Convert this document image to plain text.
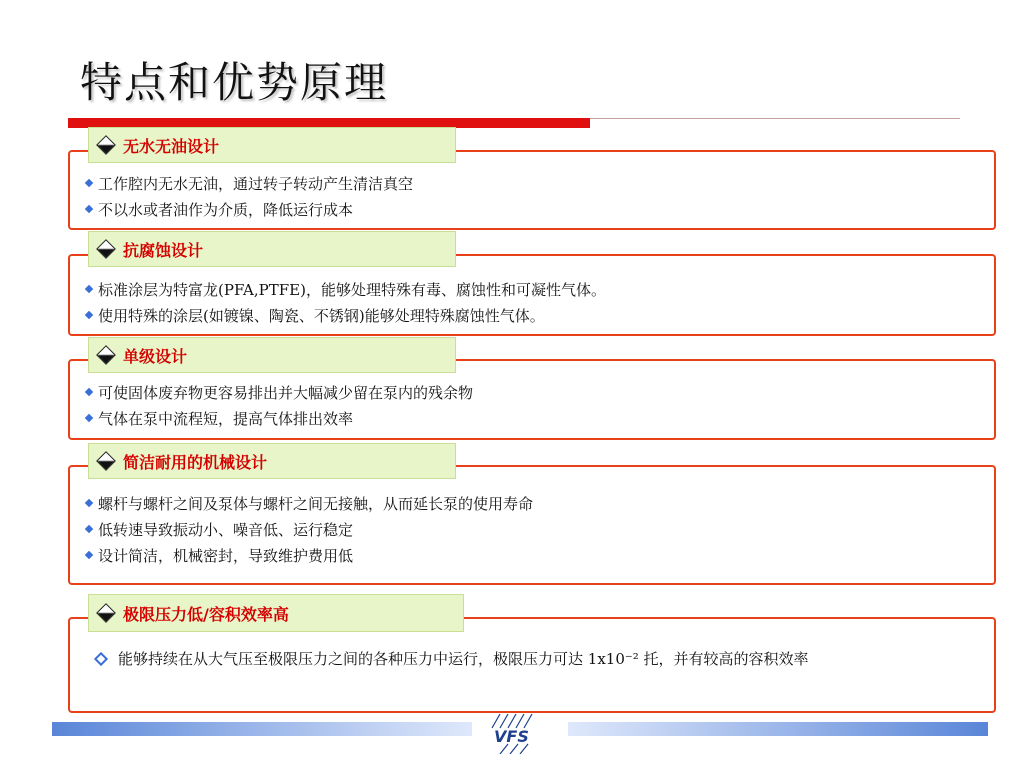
特点和优势原理
无水无油设计
工作腔内无水无油，通过转子转动产生清洁真空
不以水或者油作为介质，降低运行成本
抗腐蚀设计
标准涂层为特富龙(PFA,PTFE)，能够处理特殊有毒、腐蚀性和可凝性气体。
使用特殊的涂层(如镀镍、陶瓷、不锈钢)能够处理特殊腐蚀性气体。
单级设计
可使固体废弃物更容易排出并大幅减少留在泵内的残余物
气体在泵中流程短，提高气体排出效率
简洁耐用的机械设计
螺杆与螺杆之间及泵体与螺杆之间无接触，从而延长泵的使用寿命
低转速导致振动小、噪音低、运行稳定
设计简洁，机械密封，导致维护费用低
极限压力低/容积效率高
能够持续在从大气压至极限压力之间的各种压力中运行，极限压力可达 1x10⁻² 托，并有较高的容积效率
VFS
